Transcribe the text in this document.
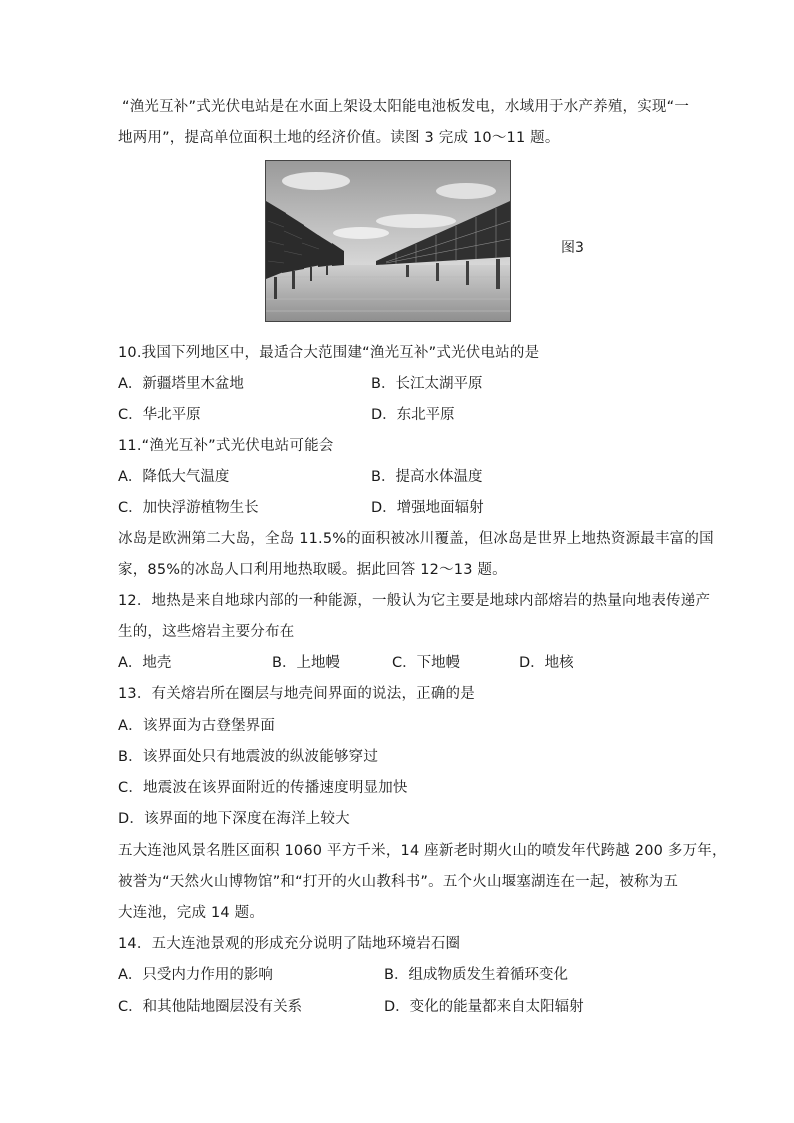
“渔光互补”式光伏电站是在水面上架设太阳能电池板发电，水域用于水产养殖，实现“一
地两用”，提高单位面积土地的经济价值。读图 3 完成 10～11 题。
图3
10.我国下列地区中，最适合大范围建“渔光互补”式光伏电站的是
A．新疆塔里木盆地	B．长江太湖平原
C．华北平原	D．东北平原
11.“渔光互补”式光伏电站可能会
A．降低大气温度	B．提高水体温度
C．加快浮游植物生长	D．增强地面辐射
冰岛是欧洲第二大岛，全岛 11.5%的面积被冰川覆盖，但冰岛是世界上地热资源最丰富的国
家，85%的冰岛人口利用地热取暖。据此回答 12～13 题。
12．地热是来自地球内部的一种能源，一般认为它主要是地球内部熔岩的热量向地表传递产
生的，这些熔岩主要分布在
A．地壳	B．上地幔	C．下地幔	D．地核
13．有关熔岩所在圈层与地壳间界面的说法，正确的是
A．该界面为古登堡界面
B．该界面处只有地震波的纵波能够穿过
C．地震波在该界面附近的传播速度明显加快
D．该界面的地下深度在海洋上较大
五大连池风景名胜区面积 1060 平方千米，14 座新老时期火山的喷发年代跨越 200 多万年，
被誉为“天然火山博物馆”和“打开的火山教科书”。五个火山堰塞湖连在一起，被称为五
大连池，完成 14 题。
14．五大连池景观的形成充分说明了陆地环境岩石圈
A．只受内力作用的影响	B．组成物质发生着循环变化
C．和其他陆地圈层没有关系	D．变化的能量都来自太阳辐射
